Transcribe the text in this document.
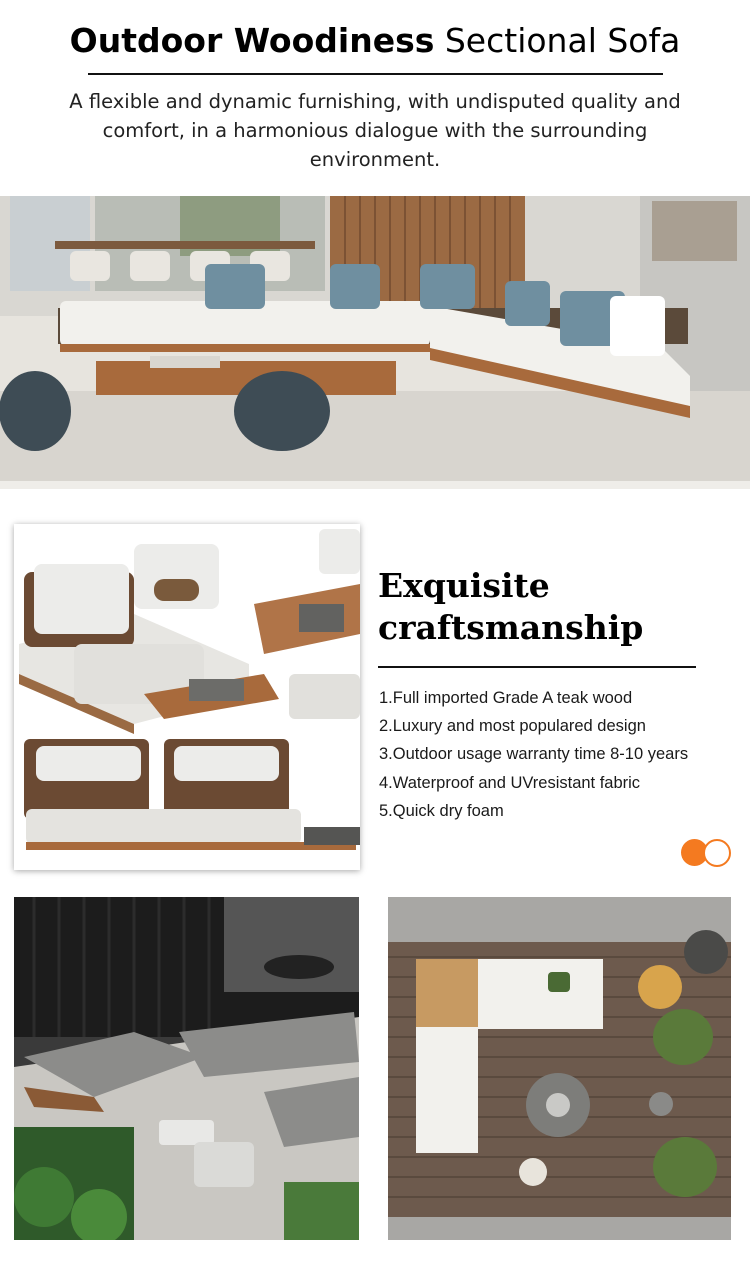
Outdoor Woodiness Sectional Sofa
A flexible and dynamic furnishing, with undisputed quality and comfort, in a harmonious dialogue with the surrounding environment.
Exquisite
craftsmanship
1.Full imported Grade A teak wood
2.Luxury and most populared design
3.Outdoor usage warranty time 8-10 years
4.Waterproof and UVresistant fabric
5.Quick dry foam
